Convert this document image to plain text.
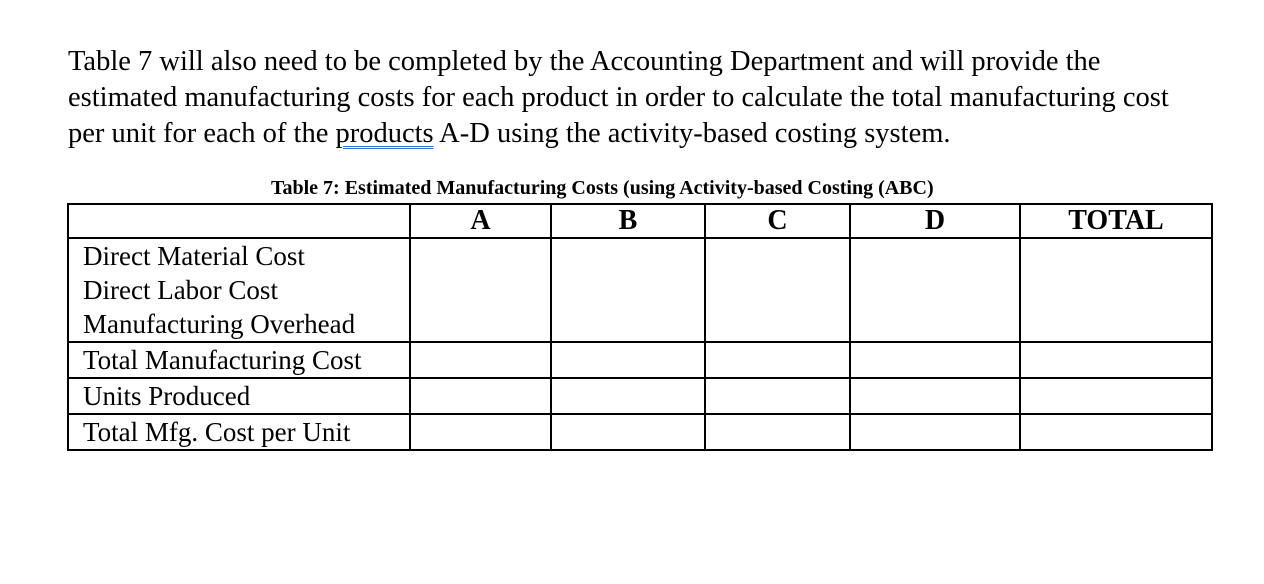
Table 7 will also need to be completed by the Accounting Department and will provide the
estimated manufacturing costs for each product in order to calculate the total manufacturing cost
per unit for each of the products A-D using the activity-based costing system.

Table 7: Estimated Manufacturing Costs (using Activity-based Costing (ABC)
	A	B	C	D	TOTAL

Direct Material Cost
Direct Labor Cost
Manufacturing Overhead					

Total Manufacturing Cost					
Units Produced					
Total Mfg. Cost per Unit					
